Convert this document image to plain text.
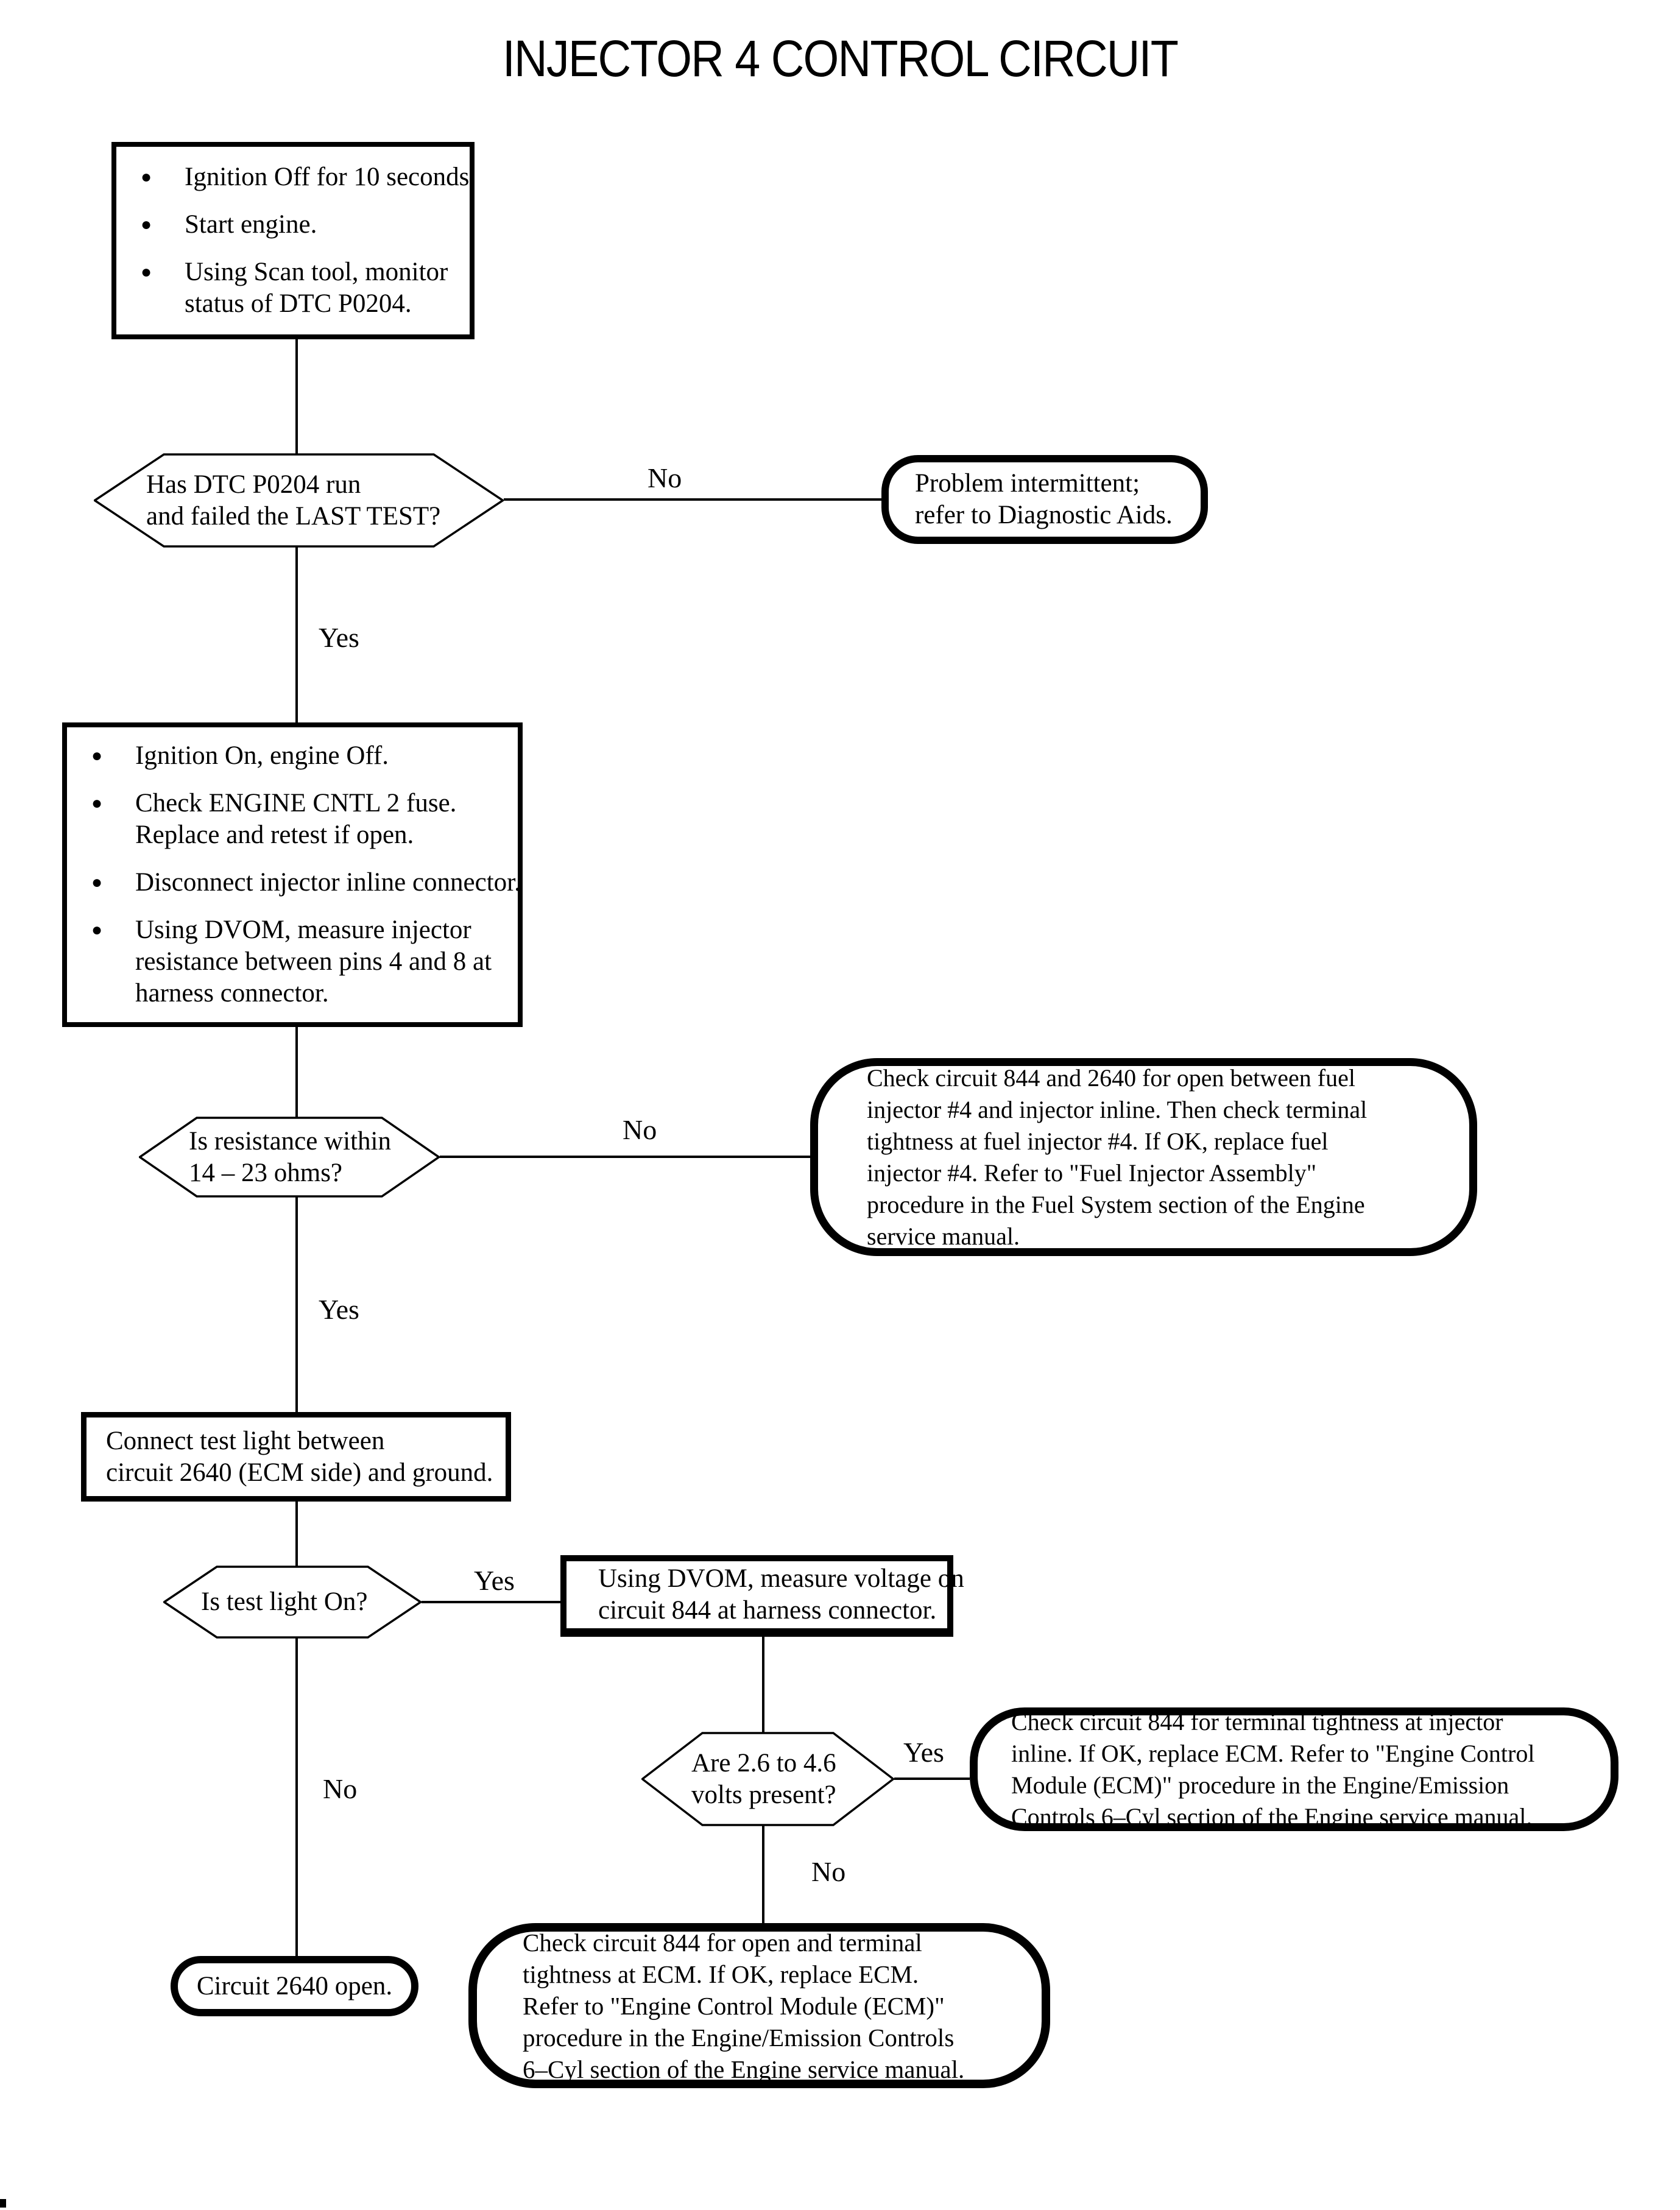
INJECTOR 4 CONTROL CIRCUIT
No
Yes
No
Yes
Yes
Yes
No
No
●	Ignition Off for 10 seconds.
●	Start engine.
●	Using Scan tool, monitor
status of DTC P0204.
Has DTC P0204 run
and failed the LAST TEST?
Problem intermittent;
refer to Diagnostic Aids.
●	Ignition On, engine Off.
●	Check ENGINE CNTL 2 fuse.
Replace and retest if open.
●	Disconnect injector inline connector.
●	Using DVOM, measure injector
resistance between pins 4 and 8 at
harness connector.
Is resistance within
14 – 23 ohms?
Check circuit 844 and 2640 for open between fuel
injector #4 and injector inline. Then check terminal
tightness at fuel injector #4. If OK, replace fuel
injector #4. Refer to "Fuel Injector Assembly"
procedure in the Fuel System section of the Engine
service manual.
Connect test light between
circuit 2640 (ECM side) and ground.
Is test light On?
Using DVOM, measure voltage on
circuit 844 at harness connector.
Are 2.6 to 4.6
volts present?
Check circuit 844 for terminal tightness at injector
inline. If OK, replace ECM. Refer to "Engine Control
Module (ECM)" procedure in the Engine/Emission
Controls 6–Cyl section of the Engine service manual.
Circuit 2640 open.
Check circuit 844 for open and terminal
tightness at ECM. If OK, replace ECM.
Refer to "Engine Control Module (ECM)"
procedure in the Engine/Emission Controls
6–Cyl section of the Engine service manual.
